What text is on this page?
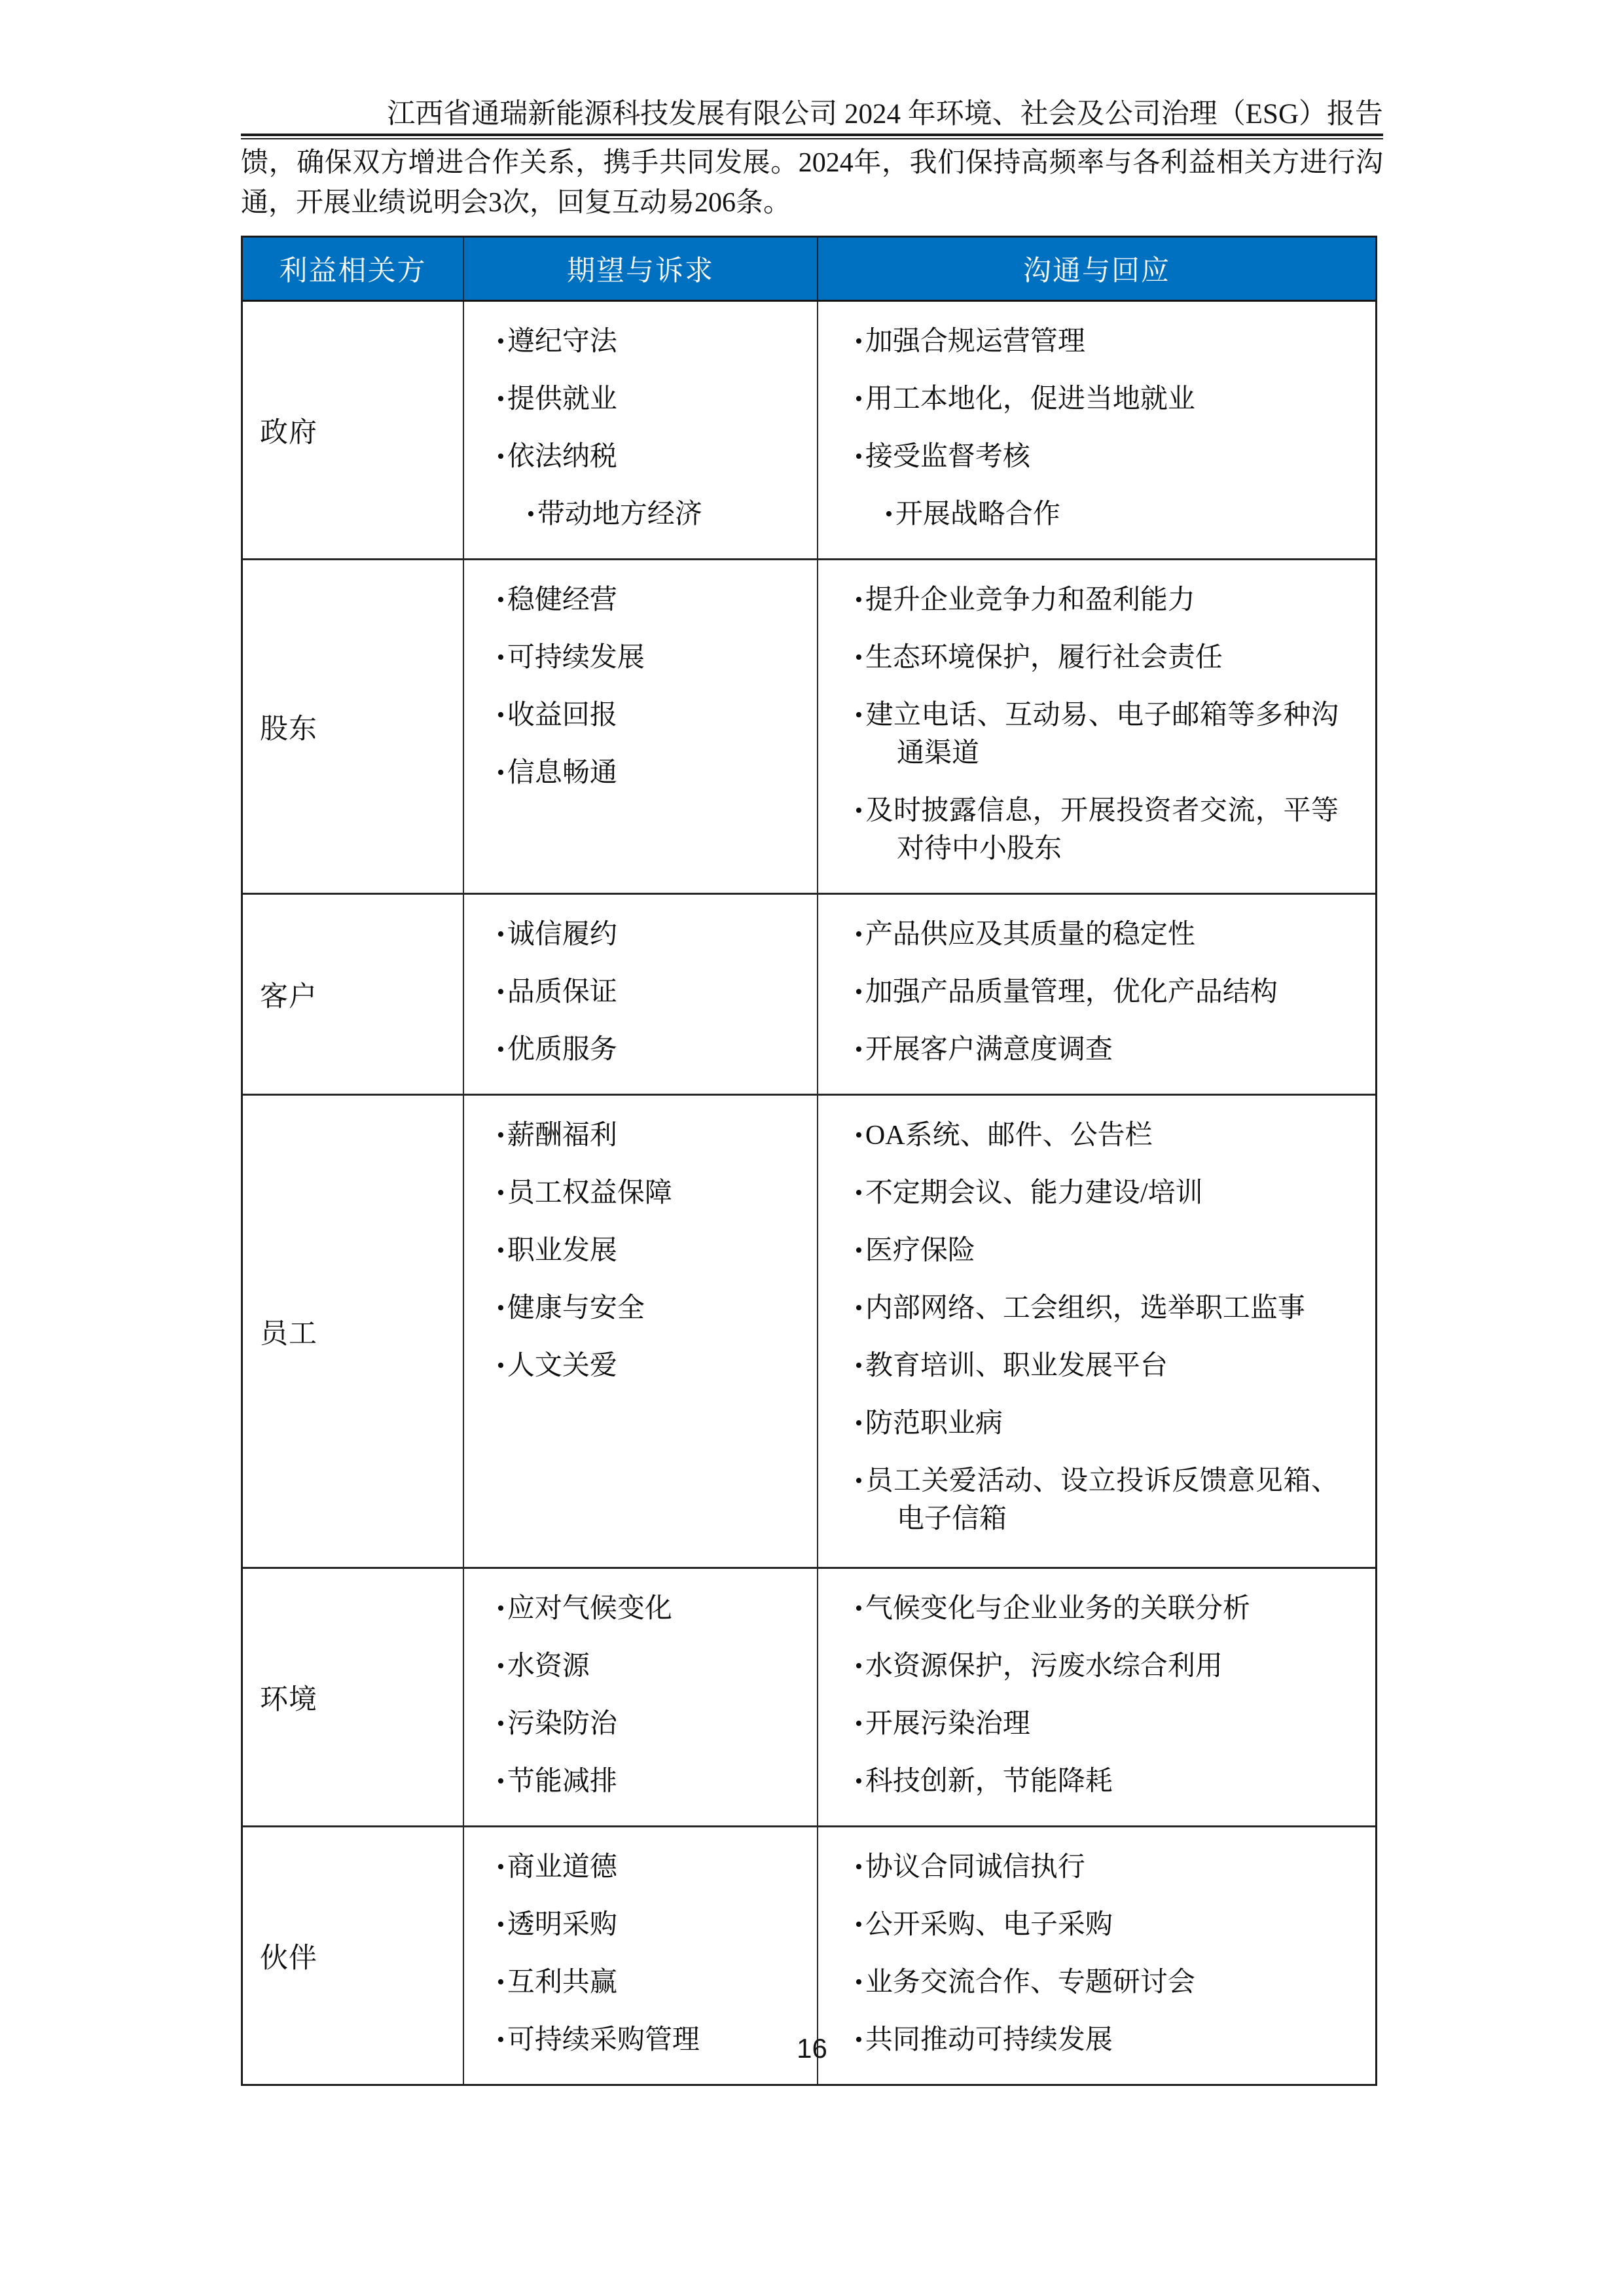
江西省通瑞新能源科技发展有限公司 2024 年环境、社会及公司治理（ESG）报告
馈，确保双方增进合作关系，携手共同发展。2024年，我们保持高频率与各利益相关方进行沟通，开展业绩说明会3次，回复互动易206条。
利益相关方	期望与诉求	沟通与回应
政府
•遵纪守法
•提供就业
•依法纳税
•带动地方经济
•加强合规运营管理
•用工本地化，促进当地就业
•接受监督考核
•开展战略合作
股东
•稳健经营
•可持续发展
•收益回报
•信息畅通
•提升企业竞争力和盈利能力
•生态环境保护，履行社会责任
•建立电话、互动易、电子邮箱等多种沟通渠道
•及时披露信息，开展投资者交流，平等对待中小股东
客户
•诚信履约
•品质保证
•优质服务
•产品供应及其质量的稳定性
•加强产品质量管理，优化产品结构
•开展客户满意度调查
员工
•薪酬福利
•员工权益保障
•职业发展
•健康与安全
•人文关爱
•OA系统、邮件、公告栏
•不定期会议、能力建设/培训
•医疗保险
•内部网络、工会组织，选举职工监事
•教育培训、职业发展平台
•防范职业病
•员工关爱活动、设立投诉反馈意见箱、电子信箱
环境
•应对气候变化
•水资源
•污染防治
•节能减排
•气候变化与企业业务的关联分析
•水资源保护，污废水综合利用
•开展污染治理
•科技创新，节能降耗
伙伴
•商业道德
•透明采购
•互利共赢
•可持续采购管理
•协议合同诚信执行
•公开采购、电子采购
•业务交流合作、专题研讨会
•共同推动可持续发展
16
